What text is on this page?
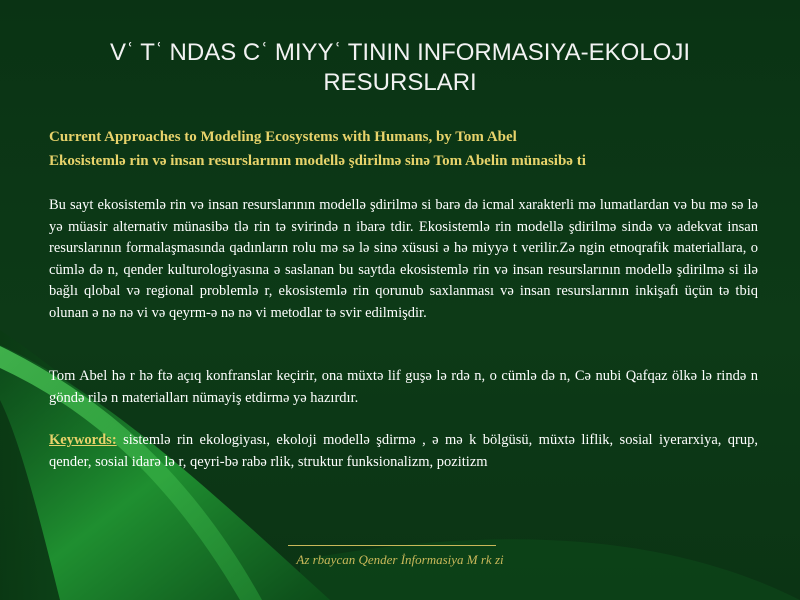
Vʿ Tʿ NDAS Cʿ MIYYʿ TININ INFORMASIYA-EKOLOJI
RESURSLARI

Current Approaches to Modeling Ecosystems with Humans, by Tom Abel

Ekosistemlə rin və insan resurslarının modellə şdirilmə sinə Tom Abelin münasibə ti

Bu sayt ekosistemlə rin və insan resurslarının modellə şdirilmə si barə də icmal xarakterli mə lumatlardan və bu mə sə lə yə müasir alternativ münasibə tlə rin tə svirində n ibarə tdir. Ekosistemlə rin modellə şdirilmə sində və adekvat insan resurslarının formalaşmasında qadınların rolu mə sə lə sinə xüsusi ə hə miyyə t verilir.Zə ngin etnoqrafik materiallara, o cümlə də n, qender kulturologiyasına ə saslanan bu saytda ekosistemlə rin və insan resurslarının modellə şdirilmə si ilə bağlı qlobal və regional problemlə r, ekosistemlə rin qorunub saxlanması və insan resurslarının inkişafı üçün tə tbiq olunan ə nə nə vi və qeyrm-ə nə nə vi metodlar tə svir edilmişdir.

Tom Abel hə r hə ftə açıq konfranslar keçirir, ona müxtə lif guşə lə rdə n, o cümlə də n, Cə nubi Qafqaz ölkə lə rində n göndə rilə n materialları nümayiş etdirmə yə hazırdır.

Keywords: sistemlə rin ekologiyası, ekoloji modellə şdirmə , ə mə k bölgüsü, müxtə liflik, sosial iyerarxiya, qrup, qender, sosial idarə lə r, qeyri-bə rabə rlik, struktur funksionalizm, pozitizm

Az rbaycan Qender İnformasiya M rk zi
